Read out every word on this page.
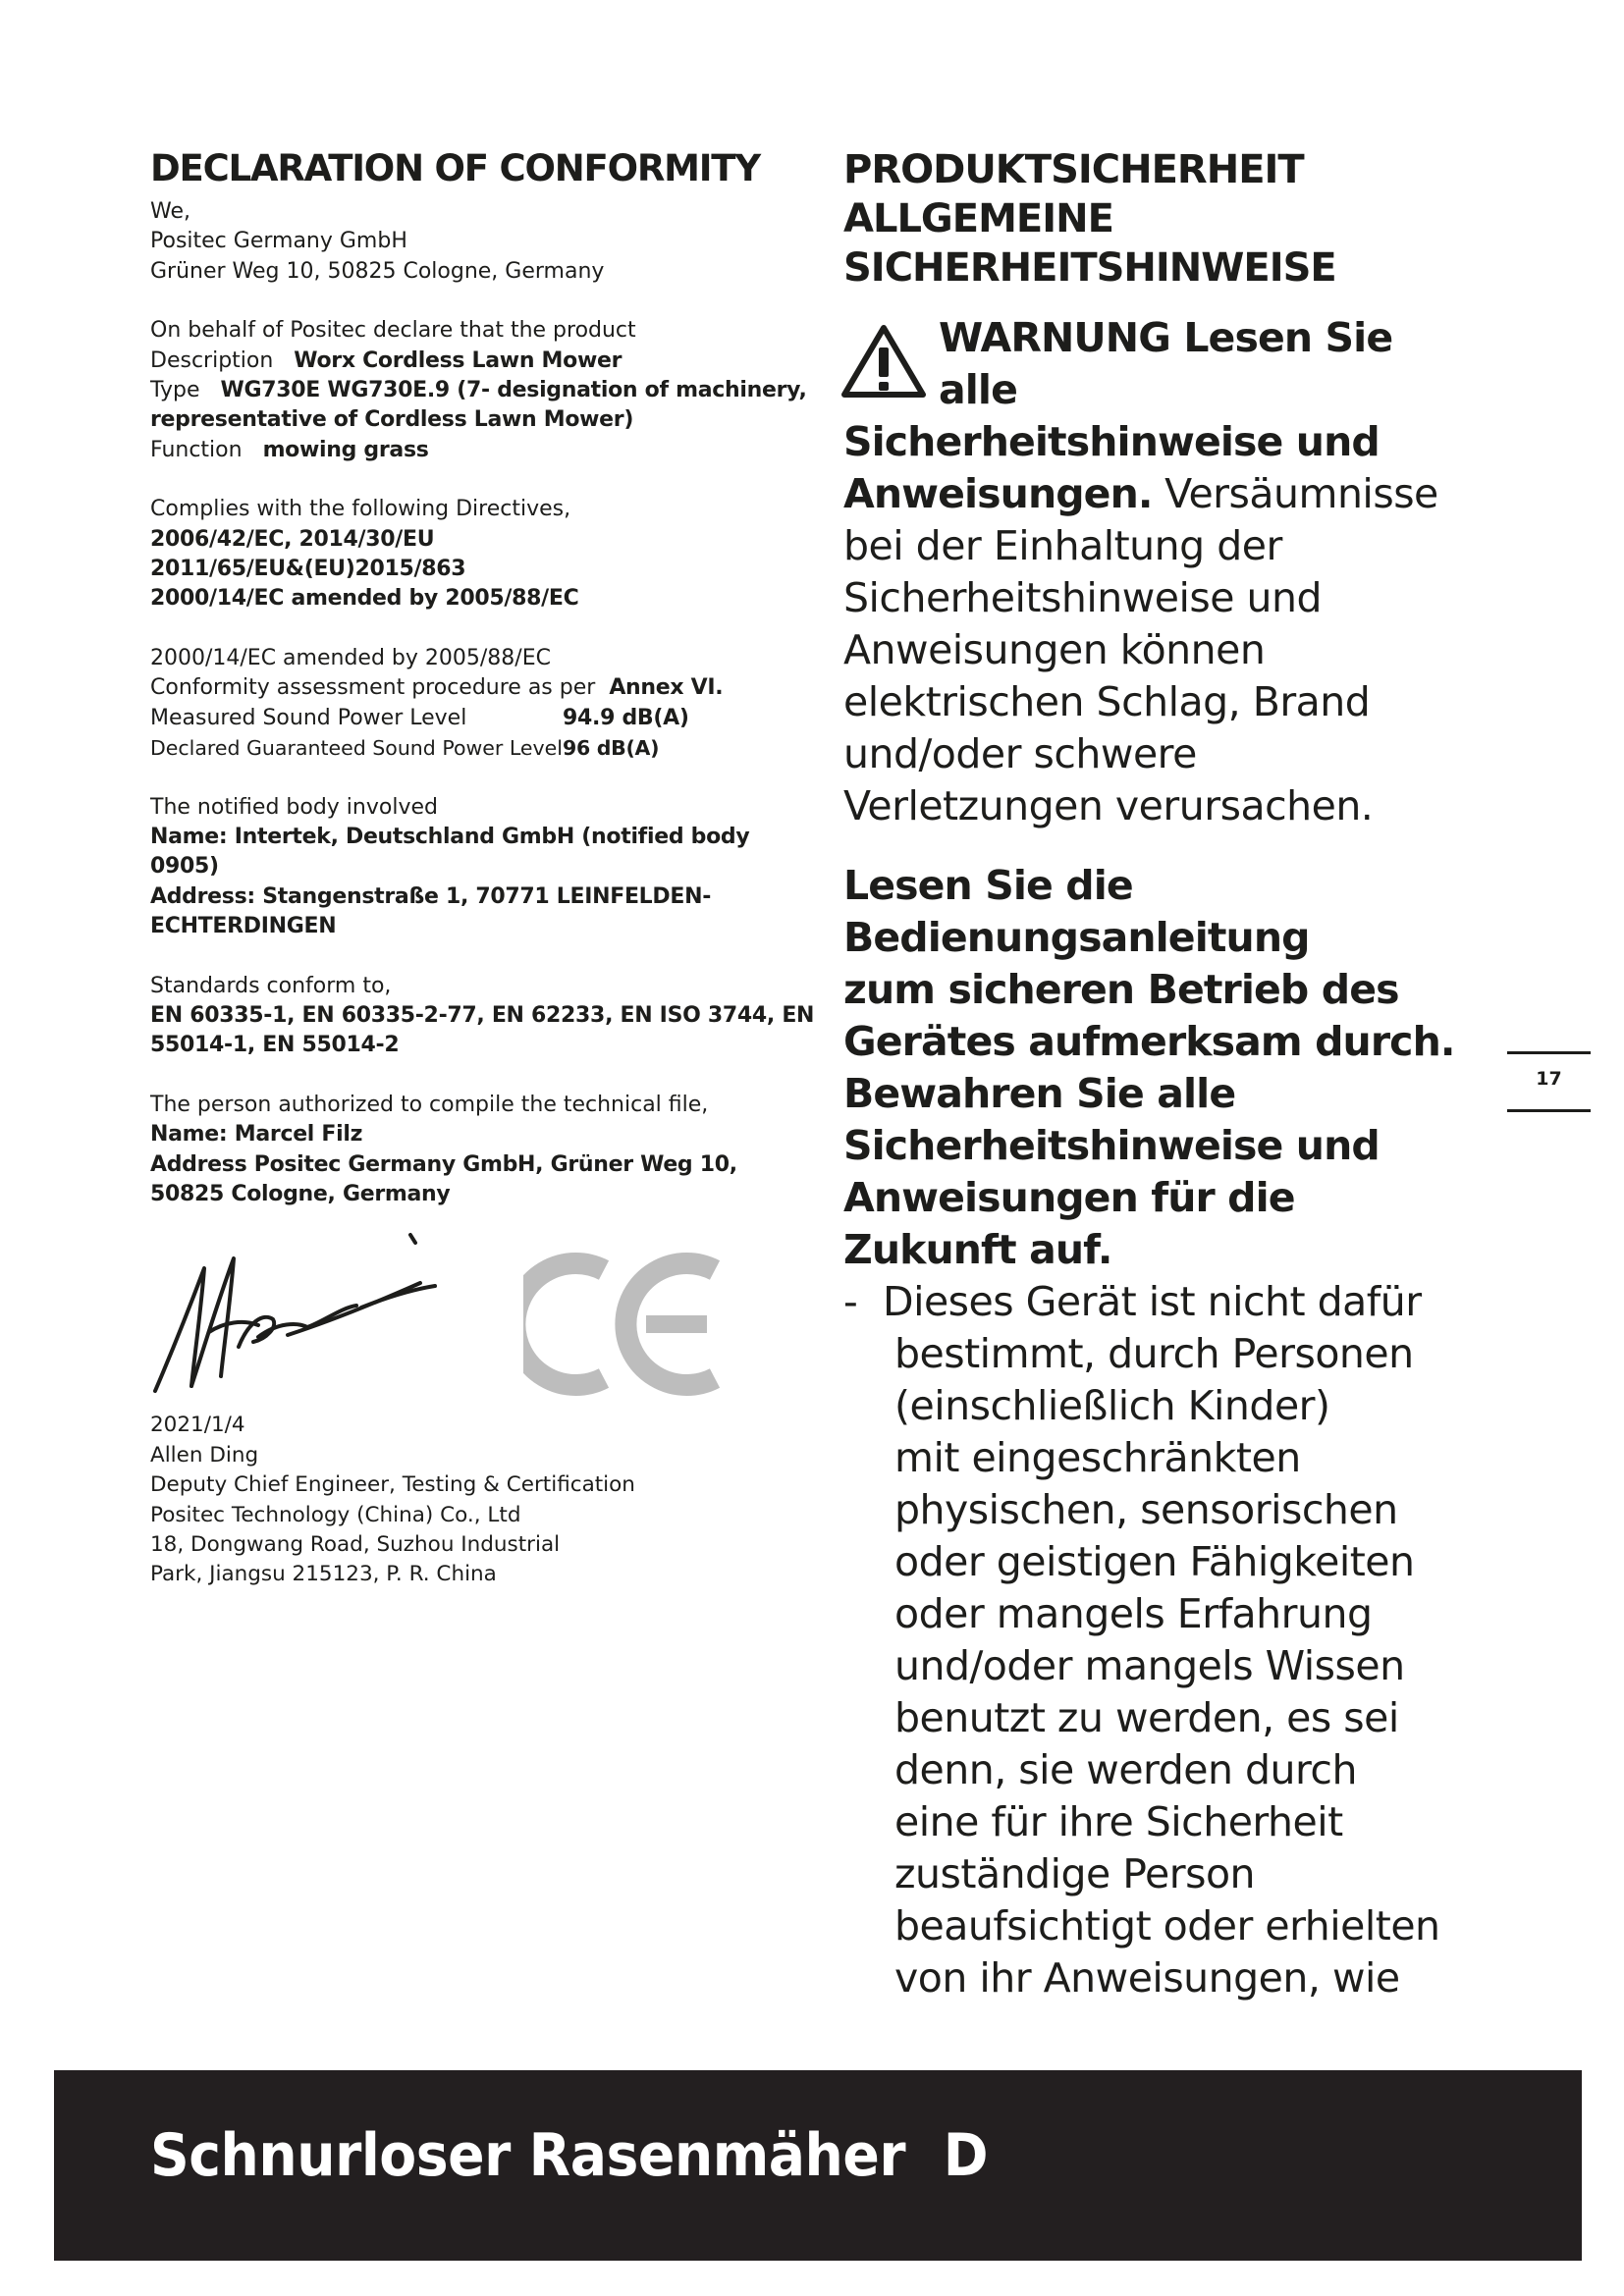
DECLARATION OF CONFORMITY
We,
Positec Germany GmbH
Grüner Weg 10, 50825 Cologne, Germany
On behalf of Positec declare that the product
Description Worx Cordless Lawn Mower
Type WG730E WG730E.9 (7- designation of machinery,
representative of Cordless Lawn Mower)
Function mowing grass
Complies with the following Directives,
2006/42/EC, 2014/30/EU
2011/65/EU&(EU)2015/863
2000/14/EC amended by 2005/88/EC
2000/14/EC amended by 2005/88/EC
Conformity assessment procedure as per Annex VI.
Measured Sound Power Level	94.9 dB(A)
Declared Guaranteed Sound Power Level96 dB(A)
The notified body involved
Name: Intertek, Deutschland GmbH (notified body
0905)
Address: Stangenstraße 1, 70771 LEINFELDEN-
ECHTERDINGEN
Standards conform to,
EN 60335-1, EN 60335-2-77, EN 62233, EN ISO 3744, EN
55014-1, EN 55014-2
The person authorized to compile the technical file,
Name: Marcel Filz
Address Positec Germany GmbH, Grüner Weg 10,
50825 Cologne, Germany
2021/1/4
Allen Ding
Deputy Chief Engineer, Testing & Certification
Positec Technology (China) Co., Ltd
18, Dongwang Road, Suzhou Industrial
Park, Jiangsu 215123, P. R. China
PRODUKTSICHERHEIT
ALLGEMEINE
SICHERHEITSHINWEISE
WARNUNG Lesen Sie
alle
Sicherheitshinweise und
Anweisungen. Versäumnisse
bei der Einhaltung der
Sicherheitshinweise und
Anweisungen können
elektrischen Schlag, Brand
und/oder schwere
Verletzungen verursachen.
Lesen Sie die
Bedienungsanleitung
zum sicheren Betrieb des
Gerätes aufmerksam durch.
Bewahren Sie alle
Sicherheitshinweise und
Anweisungen für die
Zukunft auf.
- Dieses Gerät ist nicht dafür
bestimmt, durch Personen
(einschließlich Kinder)
mit eingeschränkten
physischen, sensorischen
oder geistigen Fähigkeiten
oder mangels Erfahrung
und/oder mangels Wissen
benutzt zu werden, es sei
denn, sie werden durch
eine für ihre Sicherheit
zuständige Person
beaufsichtigt oder erhielten
von ihr Anweisungen, wie
17
Schnurloser Rasenmäher D
